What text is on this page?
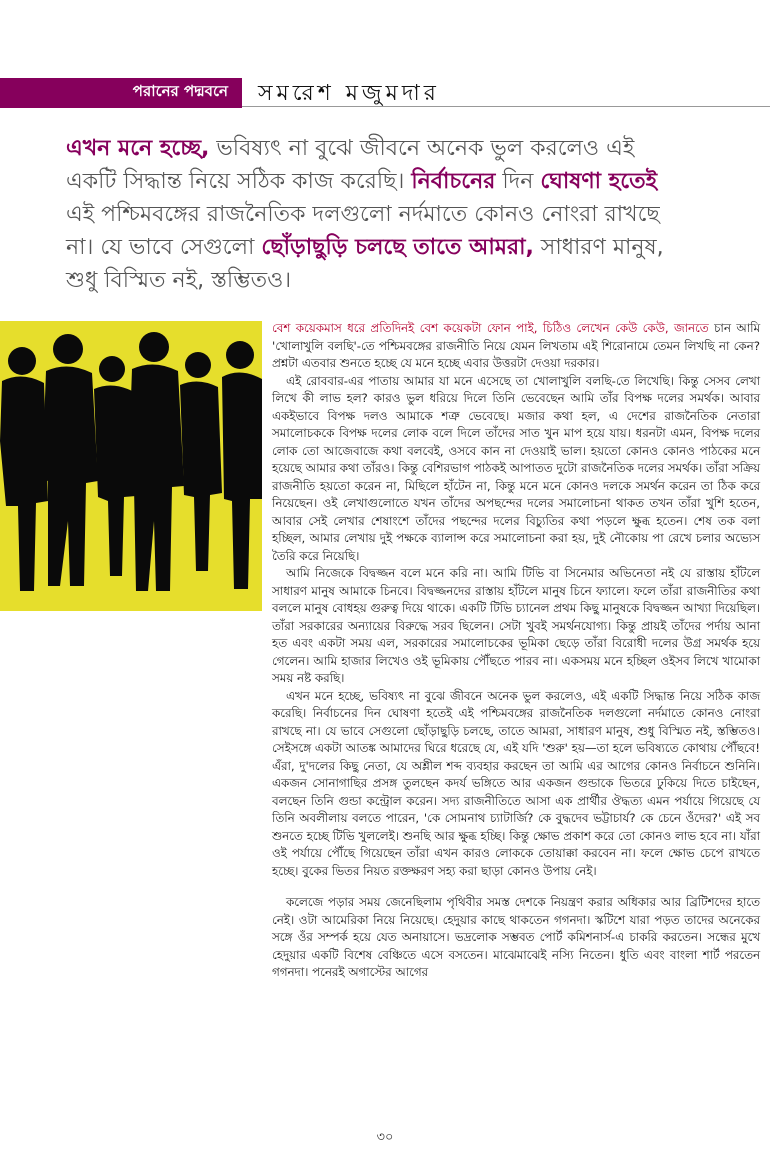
পরানের পদ্মবনে সমরেশ মজুমদার
এখন মনে হচ্ছে, ভবিষ্যৎ না বুঝে জীবনে অনেক ভুল করলেও এই একটি সিদ্ধান্ত নিয়ে সঠিক কাজ করেছি। নির্বাচনের দিন ঘোষণা হতেই এই পশ্চিমবঙ্গের রাজনৈতিক দলগুলো নর্দমাতে কোনও নোংরা রাখছে না। যে ভাবে সেগুলো ছোঁড়াছুড়ি চলছে তাতে আমরা, সাধারণ মানুষ, শুধু বিস্মিত নই, স্তম্ভিতও।

বেশ কয়েকমাস ধরে প্রতিদিনই বেশ কয়েকটা ফোন পাই, চিঠিও লেখেন কেউ কেউ, জানতে চান আমি 'খোলাখুলি বলছি'-তে পশ্চিমবঙ্গের রাজনীতি নিয়ে যেমন লিখতাম এই শিরোনামে তেমন লিখছি না কেন? প্রশ্নটা এতবার শুনতে হচ্ছে যে মনে হচ্ছে এবার উত্তরটা দেওয়া দরকার।

এই রোববার-এর পাতায় আমার যা মনে এসেছে তা খোলাখুলি বলছি-তে লিখেছি। কিন্তু সেসব লেখা লিখে কী লাভ হল? কারও ভুল ধরিয়ে দিলে তিনি ভেবেছেন আমি তাঁর বিপক্ষ দলের সমর্থক। আবার একইভাবে বিপক্ষ দলও আমাকে শত্রু ভেবেছে। মজার কথা হল, এ দেশের রাজনৈতিক নেতারা সমালোচককে বিপক্ষ দলের লোক বলে দিলে তাঁদের সাত খুন মাপ হয়ে যায়। ধরনটা এমন, বিপক্ষ দলের লোক তো আজেবাজে কথা বলবেই, ওসবে কান না দেওয়াই ভাল। হয়তো কোনও কোনও পাঠকের মনে হয়েছে আমার কথা তাঁরও। কিন্তু বেশিরভাগ পাঠকই আপাতত দুটো রাজনৈতিক দলের সমর্থক। তাঁরা সক্রিয় রাজনীতি হয়তো করেন না, মিছিলে হাঁটেন না, কিন্তু মনে মনে কোনও দলকে সমর্থন করেন তা ঠিক করে নিয়েছেন। ওই লেখাগুলোতে যখন তাঁদের অপছন্দের দলের সমালোচনা থাকত তখন তাঁরা খুশি হতেন, আবার সেই লেখার শেষাংশে তাঁদের পছন্দের দলের বিচ্যুতির কথা পড়লে ক্ষুব্ধ হতেন। শেষ তক বলা হচ্ছিল, আমার লেখায় দুই পক্ষকে ব্যালান্স করে সমালোচনা করা হয়, দুই নৌকোয় পা রেখে চলার অভ্যেস তৈরি করে নিয়েছি।

আমি নিজেকে বিদ্বজ্জন বলে মনে করি না। আমি টিভি বা সিনেমার অভিনেতা নই যে রাস্তায় হাঁটলে সাধারণ মানুষ আমাকে চিনবে। বিদ্বজ্জনদের রাস্তায় হাঁটলে মানুষ চিনে ফ্যালে। ফলে তাঁরা রাজনীতির কথা বললে মানুষ বোধহয় গুরুত্ব দিয়ে থাকে। একটি টিভি চ্যানেল প্রথম কিছু মানুষকে বিদ্বজ্জন আখ্যা দিয়েছিল। তাঁরা সরকারের অন্যায়ের বিরুদ্ধে সরব ছিলেন। সেটা খুবই সমর্থনযোগ্য। কিন্তু প্রায়ই তাঁদের পর্দায় আনা হত এবং একটা সময় এল, সরকারের সমালোচকের ভূমিকা ছেড়ে তাঁরা বিরোধী দলের উগ্র সমর্থক হয়ে গেলেন। আমি হাজার লিখেও ওই ভূমিকায় পৌঁছতে পারব না। একসময় মনে হচ্ছিল ওইসব লিখে খামোকা সময় নষ্ট করছি।

এখন মনে হচ্ছে, ভবিষ্যৎ না বুঝে জীবনে অনেক ভুল করলেও, এই একটি সিদ্ধান্ত নিয়ে সঠিক কাজ করেছি। নির্বাচনের দিন ঘোষণা হতেই এই পশ্চিমবঙ্গের রাজনৈতিক দলগুলো নর্দমাতে কোনও নোংরা রাখছে না। যে ভাবে সেগুলো ছোঁড়াছুড়ি চলছে, তাতে আমরা, সাধারণ মানুষ, শুধু বিস্মিত নই, স্তম্ভিতও। সেইসঙ্গে একটা আতঙ্ক আমাদের ঘিরে ধরেছে যে, এই যদি 'শুরু' হয়—তা হলে ভবিষ্যতে কোথায় পৌঁছবে! এঁরা, দু'দলের কিছু নেতা, যে অশ্লীল শব্দ ব্যবহার করছেন তা আমি এর আগের কোনও নির্বাচনে শুনিনি। একজন সোনাগাছির প্রসঙ্গ তুলছেন কদর্য ভঙ্গিতে আর একজন গুন্ডাকে ভিতরে ঢুকিয়ে দিতে চাইছেন, বলছেন তিনি গুন্ডা কন্ট্রোল করেন। সদ্য রাজনীতিতে আসা এক প্রার্থীর ঔদ্ধত্য এমন পর্যায়ে গিয়েছে যে তিনি অবলীলায় বলতে পারেন, 'কে সোমনাথ চ্যাটার্জি? কে বুদ্ধদেব ভট্টাচার্য? কে চেনে ওঁদের?' এই সব শুনতে হচ্ছে টিভি খুললেই। শুনছি আর ক্ষুব্ধ হচ্ছি। কিন্তু ক্ষোভ প্রকাশ করে তো কোনও লাভ হবে না। যাঁরা ওই পর্যায়ে পৌঁছে গিয়েছেন তাঁরা এখন কারও লোককে তোয়াক্কা করবেন না। ফলে ক্ষোভ চেপে রাখতে হচ্ছে। বুকের ভিতর নিয়ত রক্তক্ষরণ সহ্য করা ছাড়া কোনও উপায় নেই।

কলেজে পড়ার সময় জেনেছিলাম পৃথিবীর সমস্ত দেশকে নিয়ন্ত্রণ করার অধিকার আর ব্রিটিশদের হাতে নেই। ওটা আমেরিকা নিয়ে নিয়েছে। হেদুয়ার কাছে থাকতেন গগনদা। স্কটিশে যারা পড়ত তাদের অনেকের সঙ্গে ওঁর সম্পর্ক হয়ে যেত অনায়াসে। ভদ্রলোক সম্ভবত পোর্ট কমিশনার্স-এ চাকরি করতেন। সন্ধের মুখে হেদুয়ার একটি বিশেষ বেঞ্চিতে এসে বসতেন। মাঝেমাঝেই নস্যি নিতেন। ধুতি এবং বাংলা শার্ট পরতেন গগনদা। পনেরই অগাস্টের আগের

৩০
